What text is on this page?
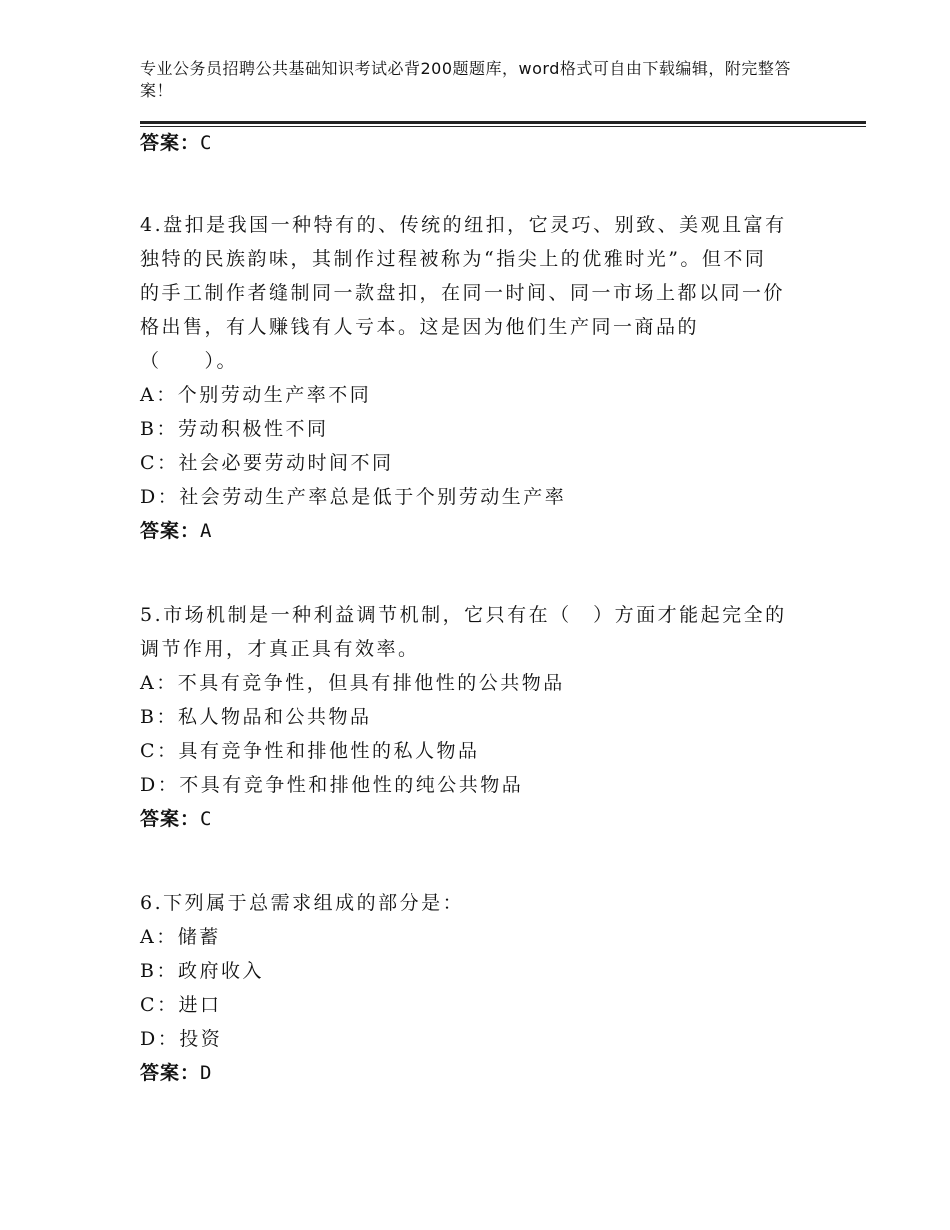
专业公务员招聘公共基础知识考试必背200题题库，word格式可自由下载编辑，附完整答案！
答案：C
4.盘扣是我国一种特有的、传统的纽扣，它灵巧、别致、美观且富有
独特的民族韵味，其制作过程被称为“指尖上的优雅时光”。但不同
的手工制作者缝制同一款盘扣，在同一时间、同一市场上都以同一价
格出售，有人赚钱有人亏本。这是因为他们生产同一商品的
（　　）。
A：个别劳动生产率不同
B：劳动积极性不同
C：社会必要劳动时间不同
D：社会劳动生产率总是低于个别劳动生产率
答案：A
5.市场机制是一种利益调节机制，它只有在（　）方面才能起完全的
调节作用，才真正具有效率。
A：不具有竞争性，但具有排他性的公共物品
B：私人物品和公共物品
C：具有竞争性和排他性的私人物品
D：不具有竞争性和排他性的纯公共物品
答案：C
6.下列属于总需求组成的部分是：
A：储蓄
B：政府收入
C：进口
D：投资
答案：D
